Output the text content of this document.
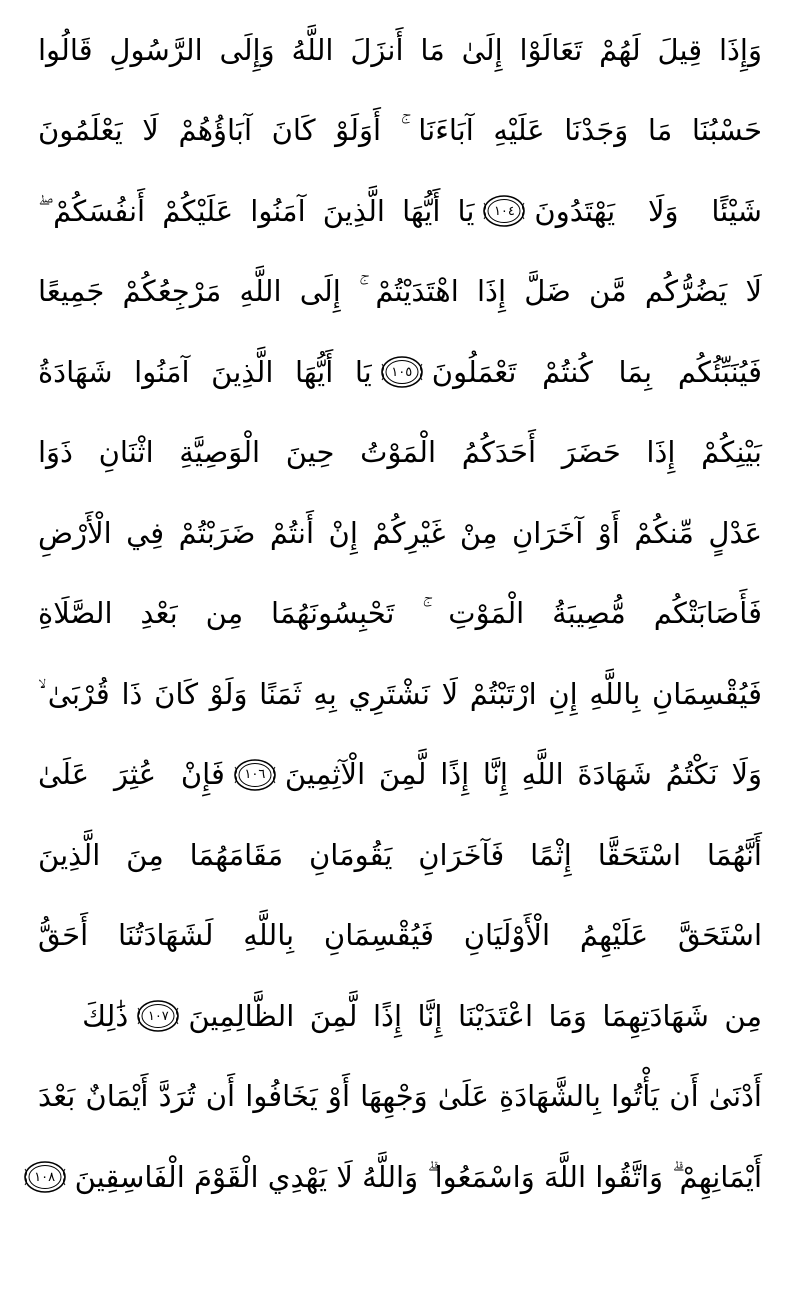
وَإِذَا قِيلَ لَهُمْ تَعَالَوْا إِلَىٰ مَا أَنزَلَ اللَّهُ وَإِلَى الرَّسُولِ قَالُوا
حَسْبُنَا مَا وَجَدْنَا عَلَيْهِ آبَاءَنَا ۚ أَوَلَوْ كَانَ آبَاؤُهُمْ لَا يَعْلَمُونَ
شَيْئًا وَلَا يَهْتَدُونَ
١٠٤
يَا أَيُّهَا الَّذِينَ آمَنُوا عَلَيْكُمْ أَنفُسَكُمْ ۖ
لَا يَضُرُّكُم مَّن ضَلَّ إِذَا اهْتَدَيْتُمْ ۚ إِلَى اللَّهِ مَرْجِعُكُمْ جَمِيعًا
فَيُنَبِّئُكُم بِمَا كُنتُمْ تَعْمَلُونَ
١٠٥
يَا أَيُّهَا الَّذِينَ آمَنُوا شَهَادَةُ
بَيْنِكُمْ إِذَا حَضَرَ أَحَدَكُمُ الْمَوْتُ حِينَ الْوَصِيَّةِ اثْنَانِ ذَوَا
عَدْلٍ مِّنكُمْ أَوْ آخَرَانِ مِنْ غَيْرِكُمْ إِنْ أَنتُمْ ضَرَبْتُمْ فِي الْأَرْضِ
فَأَصَابَتْكُم مُّصِيبَةُ الْمَوْتِ ۚ تَحْبِسُونَهُمَا مِن بَعْدِ الصَّلَاةِ
فَيُقْسِمَانِ بِاللَّهِ إِنِ ارْتَبْتُمْ لَا نَشْتَرِي بِهِ ثَمَنًا وَلَوْ كَانَ ذَا قُرْبَىٰ ۙ
وَلَا نَكْتُمُ شَهَادَةَ اللَّهِ إِنَّا إِذًا لَّمِنَ الْآثِمِينَ
١٠٦
فَإِنْ عُثِرَ عَلَىٰ
أَنَّهُمَا اسْتَحَقَّا إِثْمًا فَآخَرَانِ يَقُومَانِ مَقَامَهُمَا مِنَ الَّذِينَ
اسْتَحَقَّ عَلَيْهِمُ الْأَوْلَيَانِ فَيُقْسِمَانِ بِاللَّهِ لَشَهَادَتُنَا أَحَقُّ
مِن شَهَادَتِهِمَا وَمَا اعْتَدَيْنَا إِنَّا إِذًا لَّمِنَ الظَّالِمِينَ
١٠٧
ذَٰلِكَ
أَدْنَىٰ أَن يَأْتُوا بِالشَّهَادَةِ عَلَىٰ وَجْهِهَا أَوْ يَخَافُوا أَن تُرَدَّ أَيْمَانٌ بَعْدَ
أَيْمَانِهِمْ ۗ وَاتَّقُوا اللَّهَ وَاسْمَعُوا ۗ وَاللَّهُ لَا يَهْدِي الْقَوْمَ الْفَاسِقِينَ
١٠٨
